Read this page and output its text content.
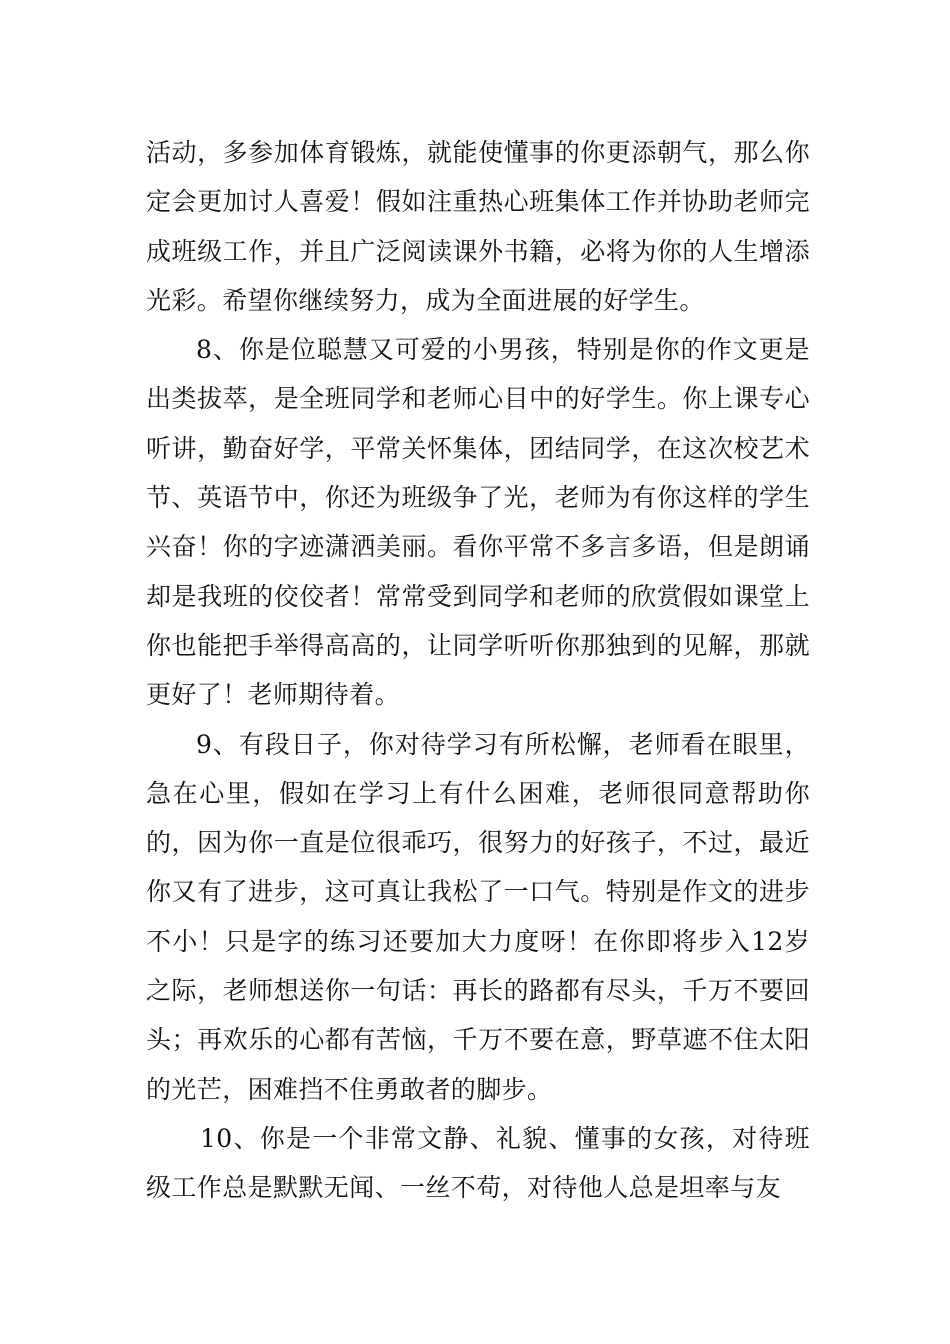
活动，多参加体育锻炼，就能使懂事的你更添朝气，那么你定会更加讨人喜爱！假如注重热心班集体工作并协助老师完成班级工作，并且广泛阅读课外书籍，必将为你的人生增添光彩。希望你继续努力，成为全面进展的好学生。

8、你是位聪慧又可爱的小男孩，特别是你的作文更是出类拔萃，是全班同学和老师心目中的好学生。你上课专心听讲，勤奋好学，平常关怀集体，团结同学，在这次校艺术节、英语节中，你还为班级争了光，老师为有你这样的学生兴奋！你的字迹潇洒美丽。看你平常不多言多语，但是朗诵却是我班的佼佼者！常常受到同学和老师的欣赏假如课堂上你也能把手举得高高的，让同学听听你那独到的见解，那就更好了！老师期待着。

9、有段日子，你对待学习有所松懈，老师看在眼里，急在心里，假如在学习上有什么困难，老师很同意帮助你的，因为你一直是位很乖巧，很努力的好孩子，不过，最近你又有了进步，这可真让我松了一口气。特别是作文的进步不小！只是字的练习还要加大力度呀！在你即将步入12岁之际，老师想送你一句话：再长的路都有尽头，千万不要回头；再欢乐的心都有苦恼，千万不要在意，野草遮不住太阳的光芒，困难挡不住勇敢者的脚步。

10、你是一个非常文静、礼貌、懂事的女孩，对待班级工作总是默默无闻、一丝不苟，对待他人总是坦率与友
